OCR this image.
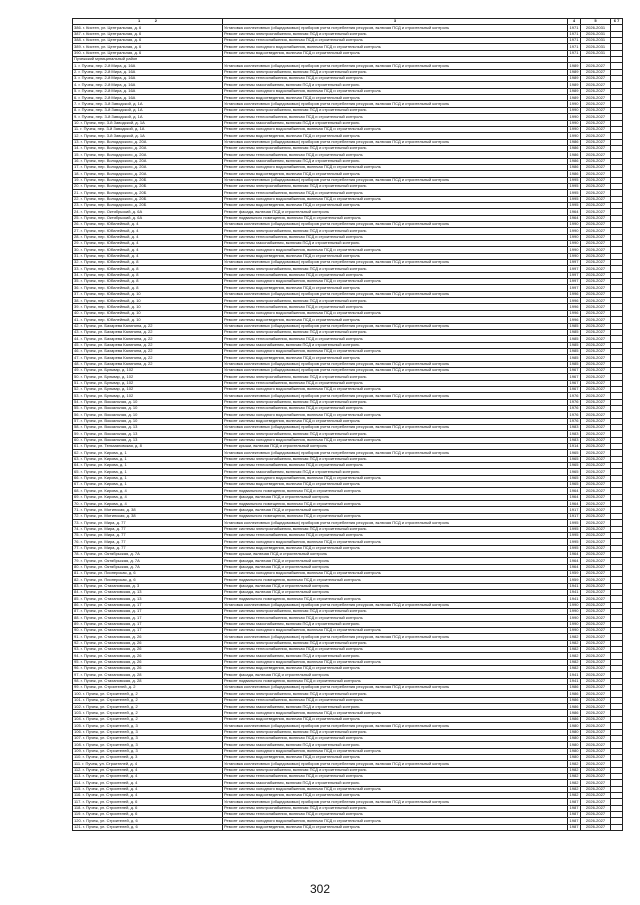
1 2	3	4	5	6 7
386. г. Кистеп, ул. Центральная, д. 6	Установка коллективных (общедомовых) приборов учета потребления ресурсов, включая ПСД и строительный контроль	1971	2026-2031	
387. г. Кистеп, ул. Центральная, д. 6	Ремонт системы электроснабжения, включая ПСД и строительный контроль	1971	2026-2031	
388. г. Кистеп, ул. Центральная, д. 6	Ремонт системы теплоснабжения, включая ПСД и строительный контроль	1971	2026-2031	
389. г. Кистеп, ул. Центральная, д. 6	Ремонт системы холодного водоснабжения, включая ПСД и строительный контроль	1971	2026-2031	
390. г. Кистеп, ул. Центральная, д. 6	Ремонт системы водоотведения, включая ПСД и строительный контроль	1971	2026-2031	
Пучежский муниципальный район				
1. г. Пучеж, пер. 2-й Мира, д. 16А	Установка коллективных (общедомовых) приборов учета потребления ресурсов, включая ПСД и строительный контроль	1989	2026-2027	
2. г. Пучеж, пер. 2-й Мира, д. 16А	Ремонт системы электроснабжения, включая ПСД и строительный контроль	1989	2026-2027	
3. г. Пучеж, пер. 2-й Мира, д. 16А	Ремонт системы теплоснабжения, включая ПСД и строительный контроль	1989	2026-2027	
4. г. Пучеж, пер. 2-й Мира, д. 16А	Ремонт системы газоснабжения, включая ПСД и строительный контроль	1989	2026-2027	
5. г. Пучеж, пер. 2-й Мира, д. 16А	Ремонт системы холодного водоснабжения, включая ПСД и строительный контроль	1989	2026-2027	
6. г. Пучеж, пер. 2-й Мира, д. 16А	Ремонт системы водоотведения, включая ПСД и строительный контроль	1989	2026-2027	
7. г. Пучеж, пер. 3-й Заводской, д. 1А	Установка коллективных (общедомовых) приборов учета потребления ресурсов, включая ПСД и строительный контроль	1990	2026-2027	
8. г. Пучеж, пер. 3-й Заводской, д. 1А	Ремонт системы электроснабжения, включая ПСД и строительный контроль	1990	2026-2027	
9. г. Пучеж, пер. 3-й Заводской, д. 1А	Ремонт системы теплоснабжения, включая ПСД и строительный контроль	1990	2026-2027	
10. г. Пучеж, пер. 3-й Заводской, д. 1А	Ремонт системы газоснабжения, включая ПСД и строительный контроль	1990	2026-2027	
11. г. Пучеж, пер. 3-й Заводской, д. 1А	Ремонт системы холодного водоснабжения, включая ПСД и строительный контроль	1990	2026-2027	
12. г. Пучеж, пер. 3-й Заводской, д. 1А	Ремонт системы водоотведения, включая ПСД и строительный контроль	1990	2026-2027	
13. г. Пучеж, пер. Володарского, д. 20А	Установка коллективных (общедомовых) приборов учета потребления ресурсов, включая ПСД и строительный контроль	1986	2026-2027	
14. г. Пучеж, пер. Володарского, д. 20А	Ремонт системы электроснабжения, включая ПСД и строительный контроль	1986	2026-2027	
15. г. Пучеж, пер. Володарского, д. 20А	Ремонт системы теплоснабжения, включая ПСД и строительный контроль	1986	2026-2027	
16. г. Пучеж, пер. Володарского, д. 20А	Ремонт системы газоснабжения, включая ПСД и строительный контроль	1986	2026-2027	
17. г. Пучеж, пер. Володарского, д. 20А	Ремонт системы холодного водоснабжения, включая ПСД и строительный контроль	1986	2026-2027	
18. г. Пучеж, пер. Володарского, д. 20А	Ремонт системы водоотведения, включая ПСД и строительный контроль	1986	2026-2027	
19. г. Пучеж, пер. Володарского, д. 20Б	Установка коллективных (общедомовых) приборов учета потребления ресурсов, включая ПСД и строительный контроль	1995	2026-2027	
20. г. Пучеж, пер. Володарского, д. 20Б	Ремонт системы электроснабжения, включая ПСД и строительный контроль	1995	2026-2027	
21. г. Пучеж, пер. Володарского, д. 20Б	Ремонт системы теплоснабжения, включая ПСД и строительный контроль	1995	2026-2027	
22. г. Пучеж, пер. Володарского, д. 20Б	Ремонт системы холодного водоснабжения, включая ПСД и строительный контроль	1995	2026-2027	
23. г. Пучеж, пер. Володарского, д. 20Б	Ремонт системы водоотведения, включая ПСД и строительный контроль	1995	2026-2027	
24. г. Пучеж, пер. Октябрьский, д. 6А	Ремонт фасада, включая ПСД и строительный контроль	1964	2026-2027	
25. г. Пучеж, пер. Октябрьский, д. 6А	Ремонт подвального помещения, включая ПСД и строительный контроль	1964	2026-2027	
26. г. Пучеж, пер. Юбилейный, д. 4	Установка коллективных (общедомовых) приборов учета потребления ресурсов, включая ПСД и строительный контроль	1990	2026-2027	
27. г. Пучеж, пер. Юбилейный, д. 4	Ремонт системы электроснабжения, включая ПСД и строительный контроль	1990	2026-2027	
28. г. Пучеж, пер. Юбилейный, д. 4	Ремонт системы теплоснабжения, включая ПСД и строительный контроль	1990	2026-2027	
29. г. Пучеж, пер. Юбилейный, д. 4	Ремонт системы газоснабжения, включая ПСД и строительный контроль	1990	2026-2027	
30. г. Пучеж, пер. Юбилейный, д. 4	Ремонт системы холодного водоснабжения, включая ПСД и строительный контроль	1990	2026-2027	
31. г. Пучеж, пер. Юбилейный, д. 4	Ремонт системы водоотведения, включая ПСД и строительный контроль	1990	2026-2027	
32. г. Пучеж, пер. Юбилейный, д. 8	Установка коллективных (общедомовых) приборов учета потребления ресурсов, включая ПСД и строительный контроль	1997	2026-2027	
33. г. Пучеж, пер. Юбилейный, д. 8	Ремонт системы электроснабжения, включая ПСД и строительный контроль	1997	2026-2027	
34. г. Пучеж, пер. Юбилейный, д. 8	Ремонт системы теплоснабжения, включая ПСД и строительный контроль	1997	2026-2027	
35. г. Пучеж, пер. Юбилейный, д. 8	Ремонт системы холодного водоснабжения, включая ПСД и строительный контроль	1997	2026-2027	
36. г. Пучеж, пер. Юбилейный, д. 8	Ремонт системы водоотведения, включая ПСД и строительный контроль	1997	2026-2027	
37. г. Пучеж, пер. Юбилейный, д. 10	Установка коллективных (общедомовых) приборов учета потребления ресурсов, включая ПСД и строительный контроль	1996	2026-2027	
38. г. Пучеж, пер. Юбилейный, д. 10	Ремонт системы электроснабжения, включая ПСД и строительный контроль	1996	2026-2027	
39. г. Пучеж, пер. Юбилейный, д. 10	Ремонт системы теплоснабжения, включая ПСД и строительный контроль	1996	2026-2027	
40. г. Пучеж, пер. Юбилейный, д. 10	Ремонт системы холодного водоснабжения, включая ПСД и строительный контроль	1996	2026-2027	
41. г. Пучеж, пер. Юбилейный, д. 10	Ремонт системы водоотведения, включая ПСД и строительный контроль	1996	2026-2027	
42. г. Пучеж, ул. Бахарева Калинина, д. 22	Установка коллективных (общедомовых) приборов учета потребления ресурсов, включая ПСД и строительный контроль	1985	2026-2027	
43. г. Пучеж, ул. Бахарева Калинина, д. 22	Ремонт системы электроснабжения, включая ПСД и строительный контроль	1985	2026-2027	
44. г. Пучеж, ул. Бахарева Калинина, д. 22	Ремонт системы теплоснабжения, включая ПСД и строительный контроль	1985	2026-2027	
45. г. Пучеж, ул. Бахарева Калинина, д. 22	Ремонт системы газоснабжения, включая ПСД и строительный контроль	1985	2026-2027	
46. г. Пучеж, ул. Бахарева Калинина, д. 22	Ремонт системы холодного водоснабжения, включая ПСД и строительный контроль	1985	2026-2027	
47. г. Пучеж, ул. Бахарева Калинина, д. 22	Ремонт системы водоотведения, включая ПСД и строительный контроль	1985	2026-2027	
48. г. Пучеж, ул. Бахарева Калинина, д. 22	Установка коллективных (общедомовых) приборов учета потребления ресурсов, включая ПСД и строительный контроль	1985	2026-2027	
49. г. Пучеж, ул. Бульвар, д. 102	Установка коллективных (общедомовых) приборов учета потребления ресурсов, включая ПСД и строительный контроль	1967	2026-2027	
50. г. Пучеж, ул. Бульвар, д. 102	Ремонт системы электроснабжения, включая ПСД и строительный контроль	1967	2026-2027	
51. г. Пучеж, ул. Бульвар, д. 102	Ремонт системы теплоснабжения, включая ПСД и строительный контроль	1967	2026-2027	
52. г. Пучеж, ул. Бульвар, д. 102	Ремонт системы холодного водоснабжения, включая ПСД и строительный контроль	1967	2026-2027	
53. г. Пучеж, ул. Бульвар, д. 102	Установка коллективных (общедомовых) приборов учета потребления ресурсов, включая ПСД и строительный контроль	1976	2026-2027	
54. г. Пучеж, ул. Вокзальная, д. 10	Ремонт системы электроснабжения, включая ПСД и строительный контроль	1976	2026-2027	
55. г. Пучеж, ул. Вокзальная, д. 10	Ремонт системы теплоснабжения, включая ПСД и строительный контроль	1976	2026-2027	
56. г. Пучеж, ул. Вокзальная, д. 10	Ремонт системы холодного водоснабжения, включая ПСД и строительный контроль	1976	2026-2027	
57. г. Пучеж, ул. Вокзальная, д. 10	Ремонт системы водоотведения, включая ПСД и строительный контроль	1976	2026-2027	
58. г. Пучеж, ул. Вокзальная, д. 13	Установка коллективных (общедомовых) приборов учета потребления ресурсов, включая ПСД и строительный контроль	1983	2026-2027	
59. г. Пучеж, ул. Вокзальная, д. 13	Ремонт системы электроснабжения, включая ПСД и строительный контроль	1983	2026-2027	
60. г. Пучеж, ул. Вокзальная, д. 13	Ремонт системы холодного водоснабжения, включая ПСД и строительный контроль	1983	2026-2027	
61. г. Пучеж, ул. Тельмановская, д. 8	Ремонт крыши, включая ПСД и строительный контроль	1914	2026-2027	
62. г. Пучеж, ул. Кирова, д. 1	Установка коллективных (общедомовых) приборов учета потребления ресурсов, включая ПСД и строительный контроль	1965	2026-2027	
63. г. Пучеж, ул. Кирова, д. 1	Ремонт системы электроснабжения, включая ПСД и строительный контроль	1965	2026-2027	
64. г. Пучеж, ул. Кирова, д. 1	Ремонт системы теплоснабжения, включая ПСД и строительный контроль	1965	2026-2027	
65. г. Пучеж, ул. Кирова, д. 1	Ремонт системы газоснабжения, включая ПСД и строительный контроль	1965	2026-2027	
66. г. Пучеж, ул. Кирова, д. 1	Ремонт системы холодного водоснабжения, включая ПСД и строительный контроль	1965	2026-2027	
67. г. Пучеж, ул. Кирова, д. 1	Ремонт системы водоотведения, включая ПСД и строительный контроль	1965	2026-2027	
68. г. Пучеж, ул. Кирова, д. 4	Ремонт подвального помещения, включая ПСД и строительный контроль	1964	2026-2027	
69. г. Пучеж, ул. Кирова, д. 4	Ремонт фасада, включая ПСД и строительный контроль	1964	2026-2027	
70. г. Пучеж, ул. Кирова, д. 4	Ремонт подвального помещения, включая ПСД и строительный контроль	1964	2026-2027	
71. г. Пучеж, ул. Мотинская, д. 38	Ремонт фасада, включая ПСД и строительный контроль	1917	2026-2027	
72. г. Пучеж, ул. Мотинская, д. 38	Ремонт подвального помещения, включая ПСД и строительный контроль	1917	2026-2027	
73. г. Пучеж, ул. Мира, д. 77	Установка коллективных (общедомовых) приборов учета потребления ресурсов, включая ПСД и строительный контроль	1995	2026-2027	
74. г. Пучеж, ул. Мира, д. 77	Ремонт системы электроснабжения, включая ПСД и строительный контроль	1995	2026-2027	
75. г. Пучеж, ул. Мира, д. 77	Ремонт системы теплоснабжения, включая ПСД и строительный контроль	1995	2026-2027	
76. г. Пучеж, ул. Мира, д. 77	Ремонт системы холодного водоснабжения, включая ПСД и строительный контроль	1995	2026-2027	
77. г. Пучеж, ул. Мира, д. 77	Ремонт системы водоотведения, включая ПСД и строительный контроль	1995	2026-2027	
78. г. Пучеж, ул. Октябрьская, д. 7А	Ремонт крыши, включая ПСД и строительный контроль	1964	2026-2027	
79. г. Пучеж, ул. Октябрьская, д. 7А	Ремонт фасада, включая ПСД и строительный контроль	1964	2026-2027	
80. г. Пучеж, ул. Октябрьская, д. 7А	Ремонт фасада, включая ПСД и строительный контроль	1964	2026-2027	
81. г. Пучеж, ул. Пионерская, д. 6	Ремонт системы холодного водоснабжения, включая ПСД и строительный контроль	1959	2026-2027	
82. г. Пучеж, ул. Пионерская, д. 6	Ремонт подвального помещения, включая ПСД и строительный контроль	1959	2026-2027	
83. г. Пучеж, ул. Стахановская, д. 3	Ремонт фасада, включая ПСД и строительный контроль	1941	2026-2027	
84. г. Пучеж, ул. Стахановская, д. 13	Ремонт фасада, включая ПСД и строительный контроль	1941	2026-2027	
85. г. Пучеж, ул. Стахановская, д. 13	Ремонт подвального помещения, включая ПСД и строительный контроль	1941	2026-2027	
86. г. Пучеж, ул. Стахановская, д. 17	Установка коллективных (общедомовых) приборов учета потребления ресурсов, включая ПСД и строительный контроль	1990	2026-2027	
87. г. Пучеж, ул. Стахановская, д. 17	Ремонт системы электроснабжения, включая ПСД и строительный контроль	1990	2026-2027	
88. г. Пучеж, ул. Стахановская, д. 17	Ремонт системы теплоснабжения, включая ПСД и строительный контроль	1990	2026-2027	
89. г. Пучеж, ул. Стахановская, д. 17	Ремонт системы газоснабжения, включая ПСД и строительный контроль	1990	2026-2027	
90. г. Пучеж, ул. Стахановская, д. 17	Ремонт системы холодного водоснабжения, включая ПСД и строительный контроль	1990	2026-2027	
91. г. Пучеж, ул. Стахановская, д. 26	Установка коллективных (общедомовых) приборов учета потребления ресурсов, включая ПСД и строительный контроль	1982	2026-2027	
92. г. Пучеж, ул. Стахановская, д. 26	Ремонт системы электроснабжения, включая ПСД и строительный контроль	1982	2026-2027	
93. г. Пучеж, ул. Стахановская, д. 26	Ремонт системы теплоснабжения, включая ПСД и строительный контроль	1982	2026-2027	
94. г. Пучеж, ул. Стахановская, д. 26	Ремонт системы газоснабжения, включая ПСД и строительный контроль	1982	2026-2027	
95. г. Пучеж, ул. Стахановская, д. 26	Ремонт системы холодного водоснабжения, включая ПСД и строительный контроль	1982	2026-2027	
96. г. Пучеж, ул. Стахановская, д. 26	Ремонт системы водоотведения, включая ПСД и строительный контроль	1982	2026-2027	
97. г. Пучеж, ул. Стахановская, д. 28	Ремонт фасада, включая ПСД и строительный контроль	1941	2026-2027	
98. г. Пучеж, ул. Стахановская, д. 28	Ремонт подвального помещения, включая ПСД и строительный контроль	1941	2026-2027	
99. г. Пучеж, ул. Строителей, д. 2	Установка коллективных (общедомовых) приборов учета потребления ресурсов, включая ПСД и строительный контроль	1986	2026-2027	
100. г. Пучеж, ул. Строителей, д. 2	Ремонт системы электроснабжения, включая ПСД и строительный контроль	1986	2026-2027	
101. г. Пучеж, ул. Строителей, д. 2	Ремонт системы теплоснабжения, включая ПСД и строительный контроль	1986	2026-2027	
102. г. Пучеж, ул. Строителей, д. 2	Ремонт системы газоснабжения, включая ПСД и строительный контроль	1986	2026-2027	
103. г. Пучеж, ул. Строителей, д. 2	Ремонт системы холодного водоснабжения, включая ПСД и строительный контроль	1986	2026-2027	
104. г. Пучеж, ул. Строителей, д. 2	Ремонт системы водоотведения, включая ПСД и строительный контроль	1986	2026-2027	
105. г. Пучеж, ул. Строителей, д. 3	Установка коллективных (общедомовых) приборов учета потребления ресурсов, включая ПСД и строительный контроль	1980	2026-2027	
106. г. Пучеж, ул. Строителей, д. 3	Ремонт системы электроснабжения, включая ПСД и строительный контроль	1980	2026-2027	
107. г. Пучеж, ул. Строителей, д. 3	Ремонт системы теплоснабжения, включая ПСД и строительный контроль	1980	2026-2027	
108. г. Пучеж, ул. Строителей, д. 3	Ремонт системы газоснабжения, включая ПСД и строительный контроль	1980	2026-2027	
109. г. Пучеж, ул. Строителей, д. 3	Ремонт системы холодного водоснабжения, включая ПСД и строительный контроль	1980	2026-2027	
110. г. Пучеж, ул. Строителей, д. 3	Ремонт системы водоотведения, включая ПСД и строительный контроль	1980	2026-2027	
111. г. Пучеж, ул. Строителей, д. 4	Установка коллективных (общедомовых) приборов учета потребления ресурсов, включая ПСД и строительный контроль	1982	2026-2027	
112. г. Пучеж, ул. Строителей, д. 4	Ремонт системы электроснабжения, включая ПСД и строительный контроль	1982	2026-2027	
113. г. Пучеж, ул. Строителей, д. 4	Ремонт системы теплоснабжения, включая ПСД и строительный контроль	1982	2026-2027	
114. г. Пучеж, ул. Строителей, д. 4	Ремонт системы газоснабжения, включая ПСД и строительный контроль	1982	2026-2027	
115. г. Пучеж, ул. Строителей, д. 4	Ремонт системы холодного водоснабжения, включая ПСД и строительный контроль	1982	2026-2027	
116. г. Пучеж, ул. Строителей, д. 4	Ремонт системы водоотведения, включая ПСД и строительный контроль	1982	2026-2027	
117. г. Пучеж, ул. Строителей, д. 6	Установка коллективных (общедомовых) приборов учета потребления ресурсов, включая ПСД и строительный контроль	1987	2026-2027	
118. г. Пучеж, ул. Строителей, д. 6	Ремонт системы электроснабжения, включая ПСД и строительный контроль	1987	2026-2027	
119. г. Пучеж, ул. Строителей, д. 6	Ремонт системы теплоснабжения, включая ПСД и строительный контроль	1987	2026-2027	
120. г. Пучеж, ул. Строителей, д. 6	Ремонт системы холодного водоснабжения, включая ПСД и строительный контроль	1987	2026-2027	
121. г. Пучеж, ул. Строителей, д. 6	Ремонт системы водоотведения, включая ПСД и строительный контроль	1987	2026-2027	
302
